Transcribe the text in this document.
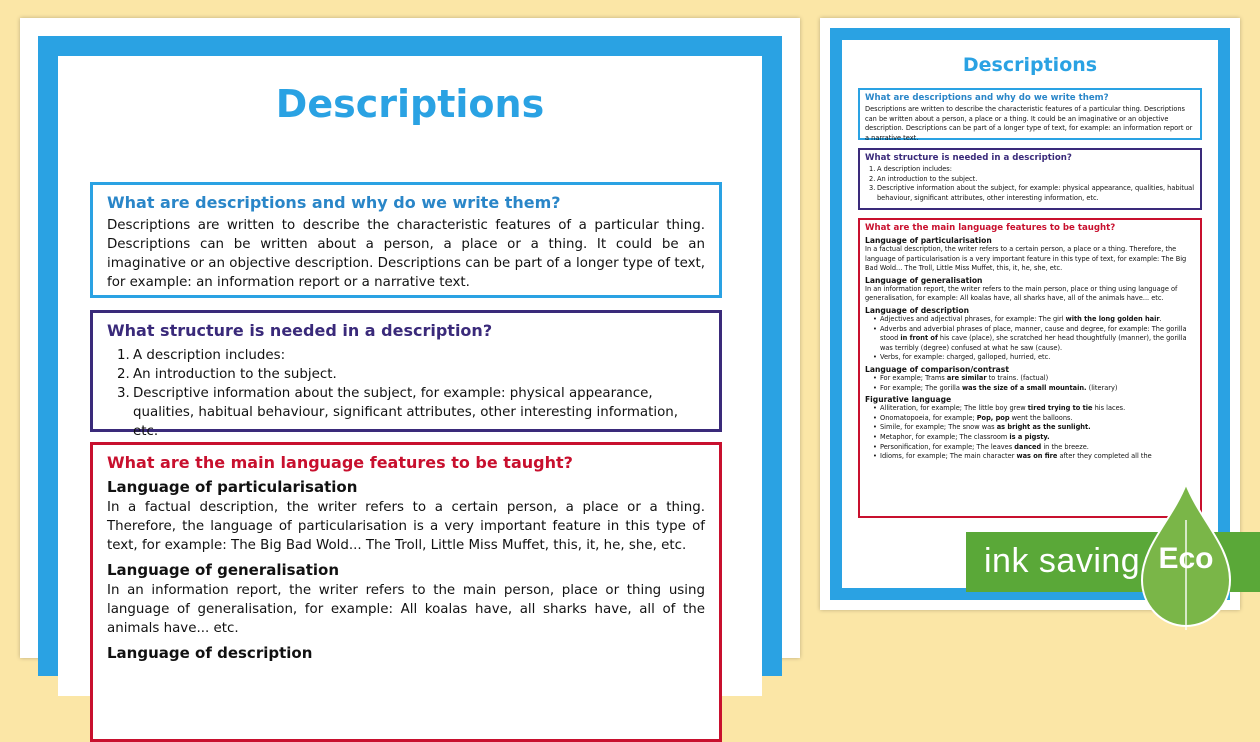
Descriptions
What are descriptions and why do we write them?

Descriptions are written to describe the characteristic features of a particular thing. Descriptions can be written about a person, a place or a thing. It could be an imaginative or an objective description. Descriptions can be part of a longer type of text, for example: an information report or a narrative text.

What structure is needed in a description?
1. A description includes:
2. An introduction to the subject.
3. Descriptive information about the subject, for example: physical appearance, qualities, habitual behaviour, significant attributes, other interesting information, etc.
What are the main language features to be taught?
Language of particularisation

In a factual description, the writer refers to a certain person, a place or a thing. Therefore, the language of particularisation is a very important feature in this type of text, for example: The Big Bad Wold... The Troll, Little Miss Muffet, this, it, he, she, etc.

Language of generalisation

In an information report, the writer refers to the main person, place or thing using language of generalisation, for example: All koalas have, all sharks have, all of the animals have... etc.

Language of description
Descriptions
What are descriptions and why do we write them?

Descriptions are written to describe the characteristic features of a particular thing. Descriptions can be written about a person, a place or a thing. It could be an imaginative or an objective description. Descriptions can be part of a longer type of text, for example: an information report or a narrative text.

What structure is needed in a description?
1. A description includes:
2. An introduction to the subject.
3. Descriptive information about the subject, for example: physical appearance, qualities, habitual behaviour, significant attributes, other interesting information, etc.
What are the main language features to be taught?
Language of particularisation

In a factual description, the writer refers to a certain person, a place or a thing. Therefore, the language of particularisation is a very important feature in this type of text, for example: The Big Bad Wold... The Troll, Little Miss Muffet, this, it, he, she, etc.

Language of generalisation

In an information report, the writer refers to the main person, place or thing using language of generalisation, for example: All koalas have, all sharks have, all of the animals have... etc.

Language of description
• Adjectives and adjectival phrases, for example: The girl with the long golden hair.
• Adverbs and adverbial phrases of place, manner, cause and degree, for example: The gorilla stood in front of his cave (place), she scratched her head thoughtfully (manner), the gorilla was terribly (degree) confused at what he saw (cause).
• Verbs, for example: charged, galloped, hurried, etc.
Language of comparison/contrast
• For example; Trams are similar to trains. (factual)
• For example; The gorilla was the size of a small mountain. (literary)
Figurative language
• Alliteration, for example; The little boy grew tired trying to tie his laces.
• Onomatopoeia, for example; Pop, pop went the balloons.
• Simile, for example; The snow was as bright as the sunlight.
• Metaphor, for example; The classroom is a pigsty.
• Personification, for example; The leaves danced in the breeze.
• Idioms, for example; The main character was on fire after they completed all the
ink saving Eco
